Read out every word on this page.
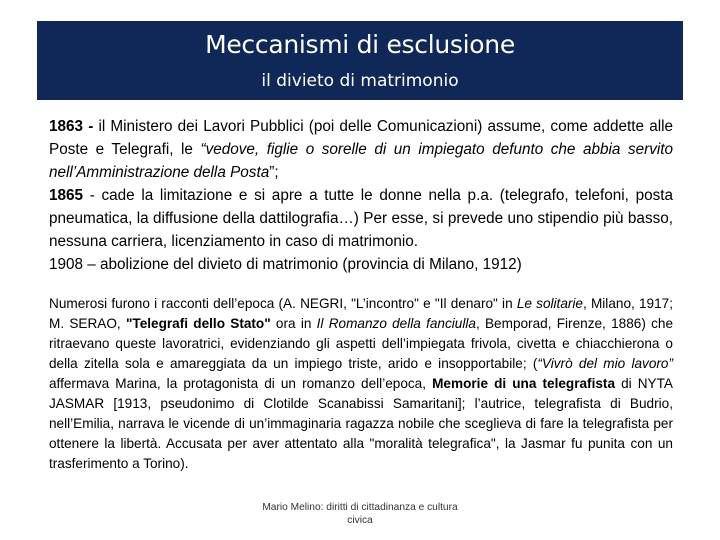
Meccanismi di esclusione
il divieto di matrimonio

1863 - il Ministero dei Lavori Pubblici (poi delle Comunicazioni) assume, come addette alle Poste e Telegrafi, le “vedove, figlie o sorelle di un impiegato defunto che abbia servito nell’Amministrazione della Posta”;

1865 - cade la limitazione e si apre a tutte le donne nella p.a. (telegrafo, telefoni, posta pneumatica, la diffusione della dattilografia…) Per esse, si prevede uno stipendio più basso, nessuna carriera, licenziamento in caso di matrimonio.

1908 – abolizione del divieto di matrimonio (provincia di Milano, 1912)

Numerosi furono i racconti dell’epoca (A. NEGRI, "L’incontro" e "Il denaro" in Le solitarie, Milano, 1917; M. SERAO, "Telegrafi dello Stato" ora in Il Romanzo della fanciulla, Bemporad, Firenze, 1886) che ritraevano queste lavoratrici, evidenziando gli aspetti dell’impiegata frivola, civetta e chiacchierona o della zitella sola e amareggiata da un impiego triste, arido e insopportabile; (“Vivrò del mio lavoro” affermava Marina, la protagonista di un romanzo dell’epoca, Memorie di una telegrafista di NYTA JASMAR [1913, pseudonimo di Clotilde Scanabissi Samaritani]; l’autrice, telegrafista di Budrio, nell’Emilia, narrava le vicende di un’immaginaria ragazza nobile che sceglieva di fare la telegrafista per ottenere la libertà. Accusata per aver attentato alla "moralità telegrafica", la Jasmar fu punita con un trasferimento a Torino).

Mario Melino: diritti di cittadinanza e cultura civica
